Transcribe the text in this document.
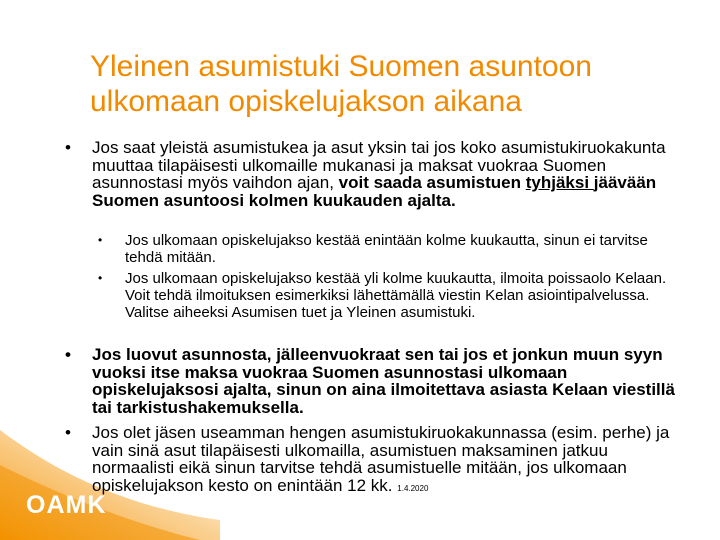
OAMK
Yleinen asumistuki Suomen asuntoon
ulkomaan opiskelujakson aikana
• Jos saat yleistä asumistukea ja asut yksin tai jos koko asumistukiruokakunta muuttaa tilapäisesti ulkomaille mukanasi ja maksat vuokraa Suomen asunnostasi myös vaihdon ajan, voit saada asumistuen tyhjäksi jäävään Suomen asuntoosi kolmen kuukauden ajalta.
• Jos ulkomaan opiskelujakso kestää enintään kolme kuukautta, sinun ei tarvitse tehdä mitään.
• Jos ulkomaan opiskelujakso kestää yli kolme kuukautta, ilmoita poissaolo Kelaan. Voit tehdä ilmoituksen esimerkiksi lähettämällä viestin Kelan asiointipalvelussa. Valitse aiheeksi Asumisen tuet ja Yleinen asumistuki.
• Jos luovut asunnosta, jälleenvuokraat sen tai jos et jonkun muun syyn vuoksi itse maksa vuokraa Suomen asunnostasi ulkomaan opiskelujaksosi ajalta, sinun on aina ilmoitettava asiasta Kelaan viestillä tai tarkistushakemuksella.
• Jos olet jäsen useamman hengen asumistukiruokakunnassa (esim. perhe) ja vain sinä asut tilapäisesti ulkomailla, asumistuen maksaminen jatkuu normaalisti eikä sinun tarvitse tehdä asumistuelle mitään, jos ulkomaan opiskelujakson kesto on enintään 12 kk. 1.4.2020
